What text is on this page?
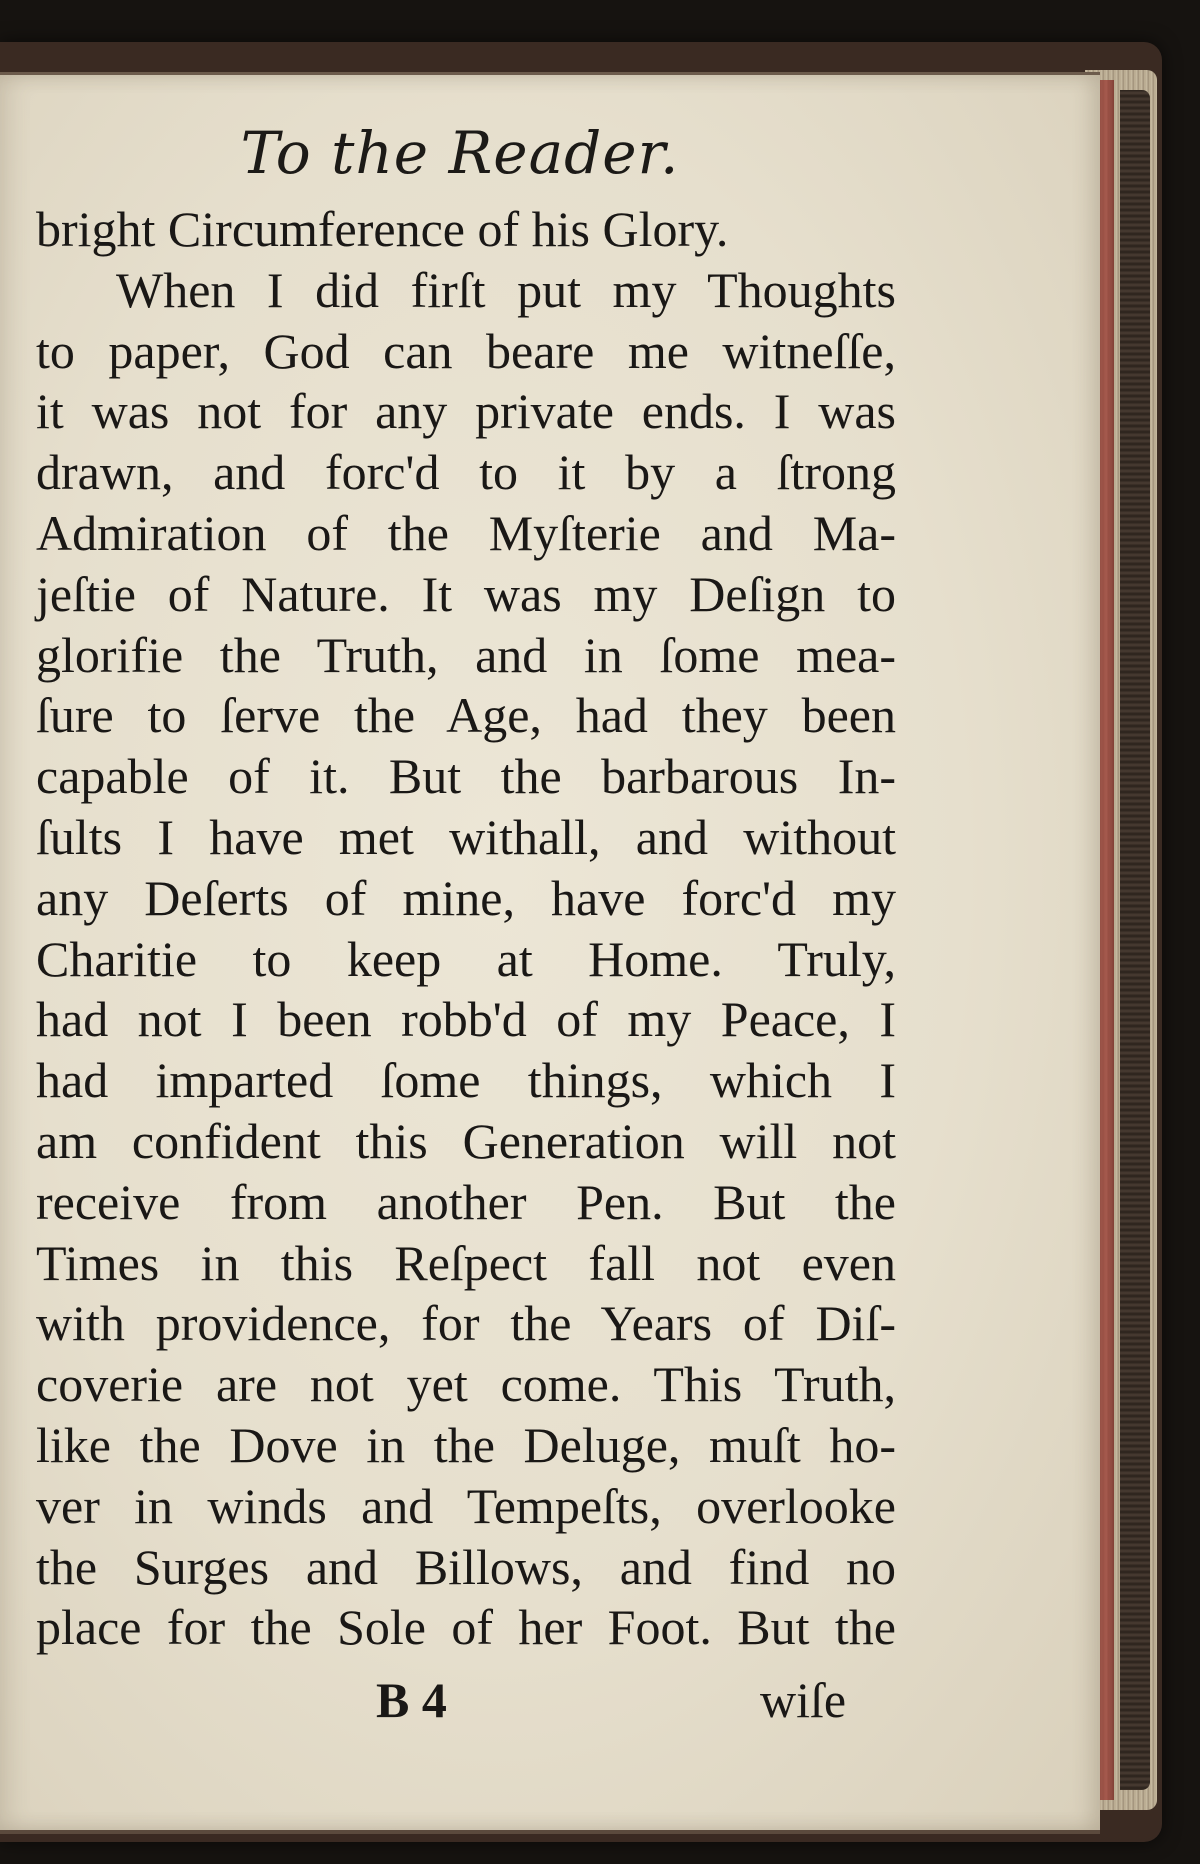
To the Reader.
bright Circumference of his Glory.
When I did firſt put my Thoughts
to paper, God can beare me witneſſe,
it was not for any private ends. I was
drawn, and forc'd to it by a ſtrong
Admiration of the Myſterie and Ma-
jeſtie of Nature. It was my Deſign to
glorifie the Truth, and in ſome mea-
ſure to ſerve the Age, had they been
capable of it. But the barbarous In-
ſults I have met withall, and without
any Deſerts of mine, have forc'd my
Charitie to keep at Home. Truly,
had not I been robb'd of my Peace, I
had imparted ſome things, which I
am confident this Generation will not
receive from another Pen. But the
Times in this Reſpect fall not even
with providence, for the Years of Diſ-
coverie are not yet come. This Truth,
like the Dove in the Deluge, muſt ho-
ver in winds and Tempeſts, overlooke
the Surges and Billows, and find no
place for the Sole of her Foot. But the
B 4	wiſe
